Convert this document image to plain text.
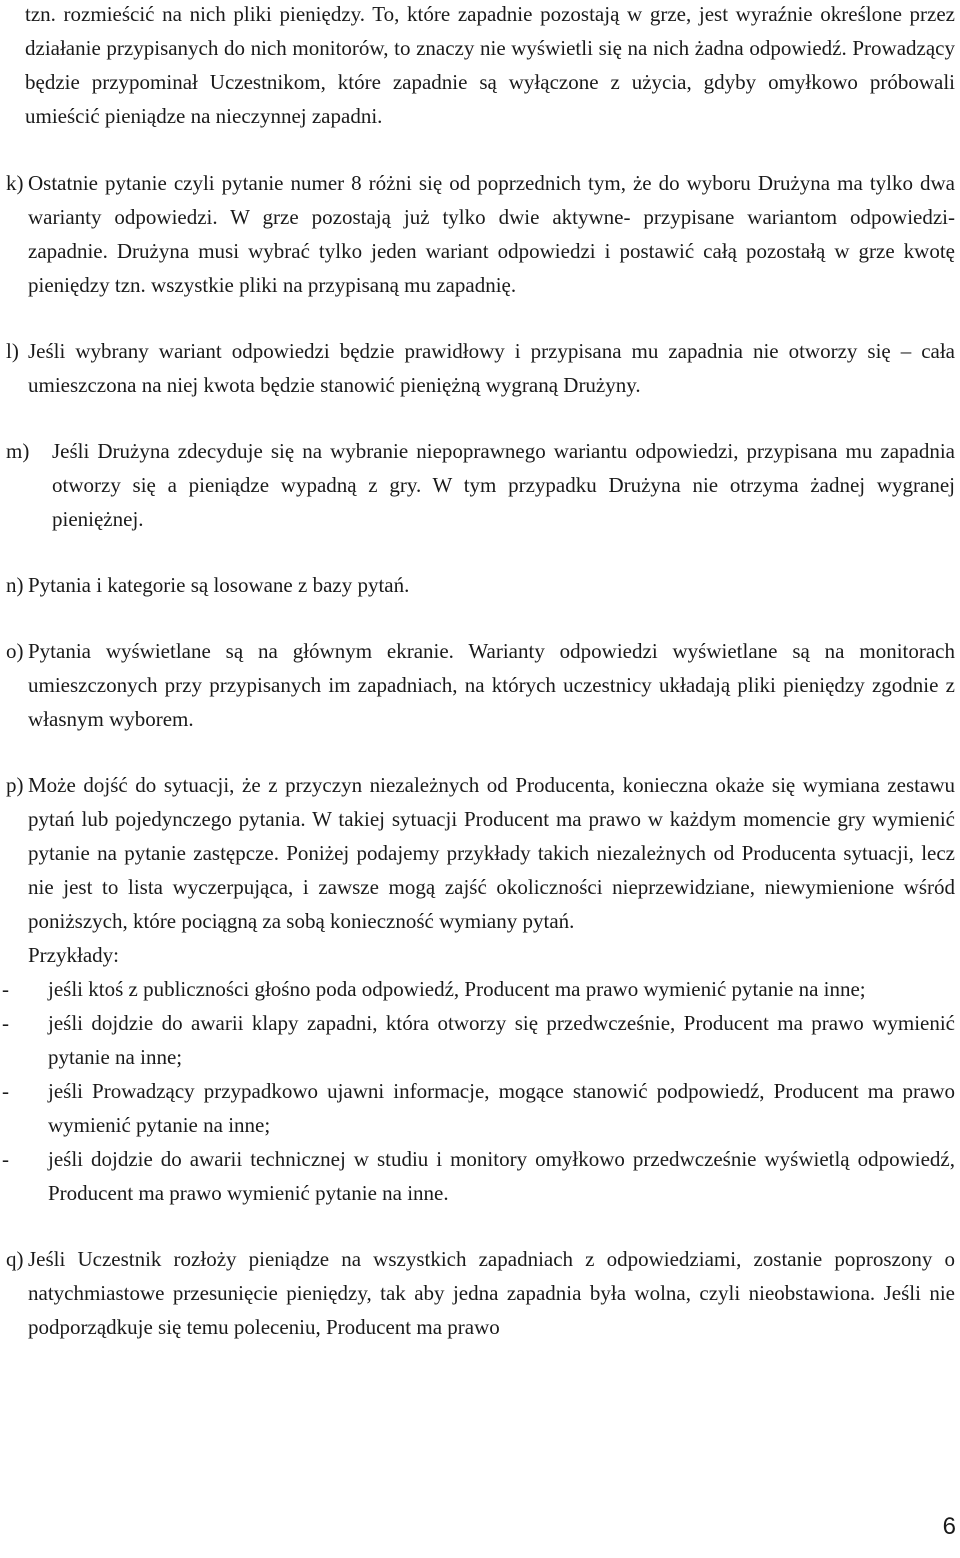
tzn. rozmieścić na nich pliki pieniędzy. To, które zapadnie pozostają w grze, jest wyraźnie określone przez działanie przypisanych do nich monitorów, to znaczy nie wyświetli się na nich żadna odpowiedź. Prowadzący będzie przypominał Uczestnikom, które zapadnie są wyłączone z użycia, gdyby omyłkowo próbowali umieścić pieniądze na nieczynnej zapadni.

k) Ostatnie pytanie czyli pytanie numer 8 różni się od poprzednich tym, że do wyboru Drużyna ma tylko dwa warianty odpowiedzi. W grze pozostają już tylko dwie aktywne- przypisane wariantom odpowiedzi- zapadnie. Drużyna musi wybrać tylko jeden wariant odpowiedzi i postawić całą pozostałą w grze kwotę pieniędzy tzn. wszystkie pliki na przypisaną mu zapadnię.

l) Jeśli wybrany wariant odpowiedzi będzie prawidłowy i przypisana mu zapadnia nie otworzy się – cała umieszczona na niej kwota będzie stanowić pieniężną wygraną Drużyny.

m)	Jeśli Drużyna zdecyduje się na wybranie niepoprawnego wariantu odpowiedzi, przypisana mu zapadnia otworzy się a pieniądze wypadną z gry. W tym przypadku Drużyna nie otrzyma żadnej wygranej pieniężnej.

n) Pytania i kategorie są losowane z bazy pytań.

o) Pytania wyświetlane są na głównym ekranie. Warianty odpowiedzi wyświetlane są na monitorach umieszczonych przy przypisanych im zapadniach, na których uczestnicy układają pliki pieniędzy zgodnie z własnym wyborem.

p) Może dojść do sytuacji, że z przyczyn niezależnych od Producenta, konieczna okaże się wymiana zestawu pytań lub pojedynczego pytania. W takiej sytuacji Producent ma prawo w każdym momencie gry wymienić pytanie na pytanie zastępcze. Poniżej podajemy przykłady takich niezależnych od Producenta sytuacji, lecz nie jest to lista wyczerpująca, i zawsze mogą zajść okoliczności nieprzewidziane, niewymienione wśród poniższych, które pociągną za sobą konieczność wymiany pytań.

Przykłady:

-	jeśli ktoś z publiczności głośno poda odpowiedź, Producent ma prawo wymienić pytanie na inne;
-	jeśli dojdzie do awarii klapy zapadni, która otworzy się przedwcześnie, Producent ma prawo wymienić pytanie na inne;
-	jeśli Prowadzący przypadkowo ujawni informacje, mogące stanowić podpowiedź, Producent ma prawo wymienić pytanie na inne;
-	jeśli dojdzie do awarii technicznej w studiu i monitory omyłkowo przedwcześnie wyświetlą odpowiedź, Producent ma prawo wymienić pytanie na inne.
q) Jeśli Uczestnik rozłoży pieniądze na wszystkich zapadniach z odpowiedziami, zostanie poproszony o natychmiastowe przesunięcie pieniędzy, tak aby jedna zapadnia była wolna, czyli nieobstawiona. Jeśli nie podporządkuje się temu poleceniu, Producent ma prawo

6
